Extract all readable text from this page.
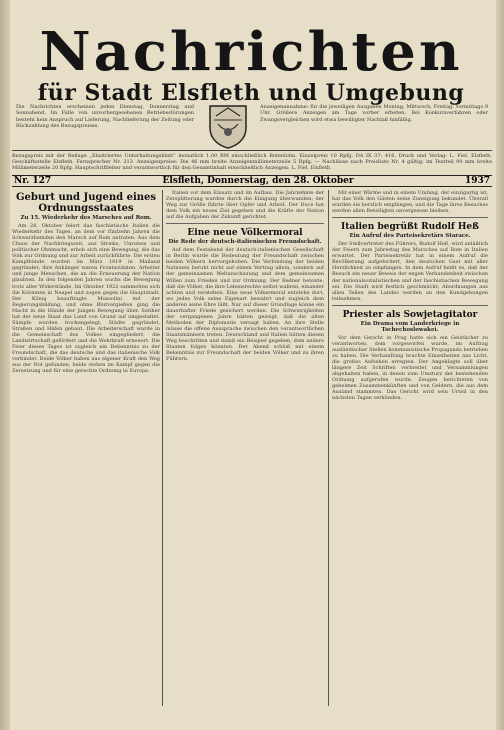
Nachrichten
für Stadt Elsfleth und Umgebung
Die Nachrichten erscheinen jeden Dienstag, Donnerstag und Sonnabend. Im Falle von unvorhergesehenen Betriebsstörungen besteht kein Anspruch auf Lieferung, Nachlieferung der Zeitung oder Rückzahlung des Bezugspreises.
Anzeigenannahme: für die jeweiligen Ausgaben Montag, Mittwoch, Freitag, vormittags 9 Uhr. Größere Anzeigen am Tage vorher erbeten. Bei Konkursverfahren oder Zwangsvergleichen wird etwa bewilligter Nachlaß hinfällig.
Bezugspreis mit der Beilage „Illustriertes Unterhaltungsblatt“ monatlich 1.00 RM einschließlich Botenlohn. Einzelpreis 10 Rpfg. DA IX 37: 416. Druck und Verlag: L. Fiel, Elsfleth. Geschäftsstelle Elsfleth. Fernsprecher Nr. 213. Anzeigenpreise: Die 46 mm breite Anzeigenmillimeterzeile 5 Rpfg. — Nachlässe nach Preisliste Nr. 4 gültig; im Textteil 90 mm breite Millimeterzeile 20 Rpfg. Hauptschriftleiter und verantwortlich für den Gesamtinhalt einschließlich Anzeigen: L. Fiel, Elsfleth.
Nr. 127	Elsfleth, Donnerstag, den 28. Oktober	1937
Geburt und Jugend eines Ordnungsstaates
Zu 15. Wiederkehr des Marsches auf Rom.
Am 28. Oktober feiert das faschistische Italien die Wiederkehr des Tages, an dem vor fünfzehn Jahren die Schwarzhemden den Marsch auf Rom antraten. Aus dem Chaos der Nachkriegszeit, aus Streiks, Unruhen und politischer Ohnmacht, erhob sich eine Bewegung, die das Volk zur Ordnung und zur Arbeit zurückführte. Die ersten Kampfbünde wurden im März 1919 in Mailand gegründet; ihre Anhänger waren Frontsoldaten, Arbeiter und junge Menschen, die an die Erneuerung der Nation glaubten. In den folgenden Jahren wuchs die Bewegung trotz aller Widerstände. Im Oktober 1922 sammelten sich die Kolonnen in Neapel und zogen gegen die Hauptstadt. Der König beauftragte Mussolini mit der Regierungsbildung, und ohne Blutvergießen ging die Macht in die Hände der jungen Bewegung über. Seither hat der neue Staat das Land von Grund auf umgestaltet. Sümpfe wurden trockengelegt, Städte gegründet, Straßen und Häfen gebaut. Die Arbeiterschaft wurde in die Gemeinschaft des Volkes eingegliedert, die Landwirtschaft gefördert und die Wehrkraft erneuert. Die Feier dieses Tages ist zugleich ein Bekenntnis zu der Freundschaft, die das deutsche und das italienische Volk verbindet. Beide Völker haben aus eigener Kraft den Weg aus der Not gefunden, beide stehen im Kampf gegen die Zersetzung und für eine gerechte Ordnung in Europa.
Italien vor dem Einsatz und im Aufbau. Die Jahrzehnte der Zersplitterung wurden durch die Einigung überwunden; der Weg zur Größe führte über Opfer und Arbeit. Der Duce hat dem Volk ein neues Ziel gegeben und die Kräfte der Nation auf die Aufgaben der Zukunft gerichtet.
Eine neue Völkermoral
Die Rede der deutsch-italienischen Freundschaft.
Auf dem Festabend der deutsch-italienischen Gesellschaft in Berlin wurde die Bedeutung der Freundschaft zwischen beiden Völkern hervorgehoben. Die Verbindung der beiden Nationen beruht nicht auf einem Vertrag allein, sondern auf der gemeinsamen Weltanschauung und dem gemeinsamen Willen zum Frieden und zur Ordnung. Der Redner betonte, daß die Völker, die ihre Lebensrechte selbst wahren, einander achten und verstehen. Eine neue Völkermoral entstehe dort, wo jedes Volk seine Eigenart bewahrt und zugleich dem anderen seine Ehre läßt. Nur auf dieser Grundlage könne ein dauerhafter Friede gesichert werden. Die Schwierigkeiten der vergangenen Jahre hätten gezeigt, daß die alten Methoden der Diplomatie versagt haben. An ihre Stelle müsse die offene Aussprache zwischen den verantwortlichen Staatsmännern treten. Deutschland und Italien hätten diesen Weg beschritten und damit ein Beispiel gegeben, dem andere Staaten folgen könnten. Der Abend schloß mit einem Bekenntnis zur Freundschaft der beiden Völker und zu ihren Führern.
Mit einer Wärme und in einem Umfang, der einzigartig ist, hat das Volk den Gästen seine Zuneigung bekundet. Überall wurden sie herzlich empfangen, und die Tage ihres Besuches werden allen Beteiligten unvergessen bleiben.
Italien begrüßt Rudolf Heß
Ein Aufruf des Parteisekretärs Starace.
Der Stellvertreter des Führers, Rudolf Heß, wird anläßlich der Feiern zum Jahrestag des Marsches auf Rom in Italien erwartet. Der Parteisekretär hat in einem Aufruf die Bevölkerung aufgefordert, den deutschen Gast mit aller Herzlichkeit zu empfangen. In dem Aufruf heißt es, daß der Besuch ein neuer Beweis der engen Verbundenheit zwischen der nationalsozialistischen und der faschistischen Bewegung sei. Die Stadt wird festlich geschmückt; Abordnungen aus allen Teilen des Landes werden an den Kundgebungen teilnehmen.
Priester als Sowjetagitator
Ein Drama vom Landerkriege in Tschechoslowakei.
Vor dem Gericht in Prag hatte sich ein Geistlicher zu verantworten, dem vorgeworfen wurde, im Auftrag ausländischer Stellen kommunistische Propaganda betrieben zu haben. Die Verhandlung brachte Einzelheiten ans Licht, die großes Aufsehen erregten. Der Angeklagte soll über längere Zeit Schriften verbreitet und Versammlungen abgehalten haben, in denen zum Umsturz der bestehenden Ordnung aufgerufen wurde. Zeugen berichteten von geheimen Zusammenkünften und von Geldern, die aus dem Ausland stammten. Das Gericht wird sein Urteil in den nächsten Tagen verkünden.
